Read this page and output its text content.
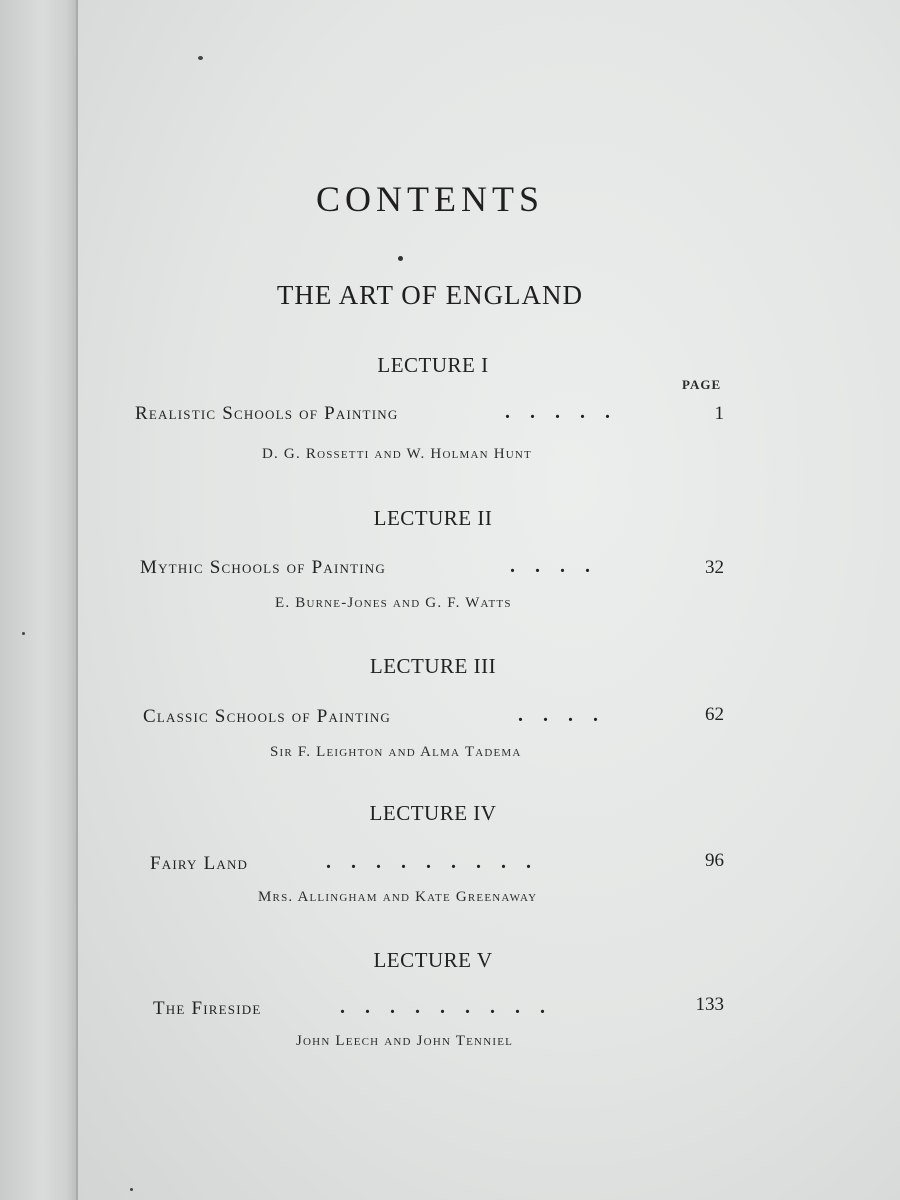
CONTENTS
THE ART OF ENGLAND
PAGE
LECTURE I
Realistic Schools of Painting	.....	1
D. G. Rossetti and W. Holman Hunt
LECTURE II
Mythic Schools of Painting	....	32
E. Burne-Jones and G. F. Watts
LECTURE III
Classic Schools of Painting	....	62
Sir F. Leighton and Alma Tadema
LECTURE IV
Fairy Land	.........	96
Mrs. Allingham and Kate Greenaway
LECTURE V
The Fireside	.........	133
John Leech and John Tenniel
